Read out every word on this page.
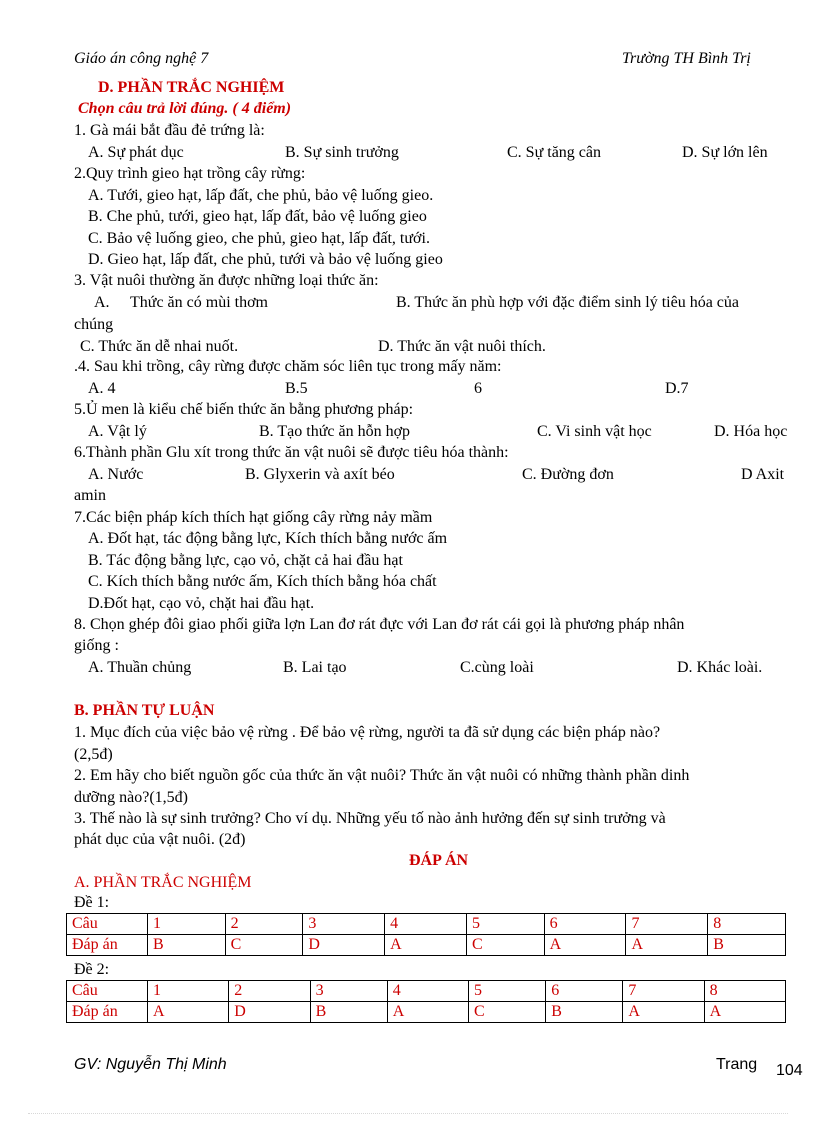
Giáo án công nghệ 7	Trường TH Bình Trị
D. PHẦN TRẮC NGHIỆM
Chọn câu trả lời đúng. ( 4 điểm)
1. Gà mái bắt đầu đẻ trứng là:
A. Sự phát dục	B. Sự sinh trưởng	C. Sự tăng cân	D. Sự lớn lên
2.Quy trình gieo hạt trồng cây rừng:
A. Tưới, gieo hạt, lấp đất, che phủ, bảo vệ luống gieo.
B. Che phủ, tưới, gieo hạt, lấp đất, bảo vệ luống gieo
C. Bảo vệ luống gieo, che phủ, gieo hạt, lấp đất, tưới.
D. Gieo hạt, lấp đất, che phủ, tưới và bảo vệ luống gieo
3. Vật nuôi thường ăn được những loại thức ăn:
A. Thức ăn có mùi thơm	B. Thức ăn phù hợp với đặc điểm sinh lý tiêu hóa của
chúng
C. Thức ăn dễ nhai nuốt.	D. Thức ăn vật nuôi thích.
.4. Sau khi trồng, cây rừng được chăm sóc liên tục trong mấy năm:
A. 4	B.5	6	D.7
5.Ủ men là kiểu chế biến thức ăn bằng phương pháp:
A. Vật lý	B. Tạo thức ăn hỗn hợp	C. Vi sinh vật học	D. Hóa học
6.Thành phần Glu xít trong thức ăn vật nuôi sẽ được tiêu hóa thành:
A. Nước	B. Glyxerin và axít béo	C. Đường đơn	D Axit
amin
7.Các biện pháp kích thích hạt giống cây rừng nảy mầm
A. Đốt hạt, tác động bằng lực, Kích thích bằng nước ấm
B. Tác động bằng lực, cạo vỏ, chặt cả hai đầu hạt
C. Kích thích bằng nước ấm, Kích thích bằng hóa chất
D.Đốt hạt, cạo vỏ, chặt hai đầu hạt.
8. Chọn ghép đôi giao phối giữa lợn Lan đơ rát đực với Lan đơ rát cái gọi là phương pháp nhân
giống :
A. Thuần chủng	B. Lai tạo	C.cùng loài	D. Khác loài.
B. PHẦN TỰ LUẬN
1. Mục đích của việc bảo vệ rừng . Để bảo vệ rừng, người ta đã sử dụng các biện pháp nào?
(2,5đ)
2. Em hãy cho biết nguồn gốc của thức ăn vật nuôi? Thức ăn vật nuôi có những thành phần dinh
dưỡng nào?(1,5đ)
3. Thế nào là sự sinh trưởng? Cho ví dụ. Những yếu tố nào ảnh hưởng đến sự sinh trưởng và
phát dục của vật nuôi. (2đ)
ĐÁP ÁN
A. PHẦN TRẮC NGHIỆM
Đề 1:
Câu	1	2	3	4	5	6	7	8
Đáp án	B	C	D	A	C	A	A	B
Đề 2:
Câu	1	2	3	4	5	6	7	8
Đáp án	A	D	B	A	C	B	A	A
GV: Nguyễn Thị Minh	Trang 104
